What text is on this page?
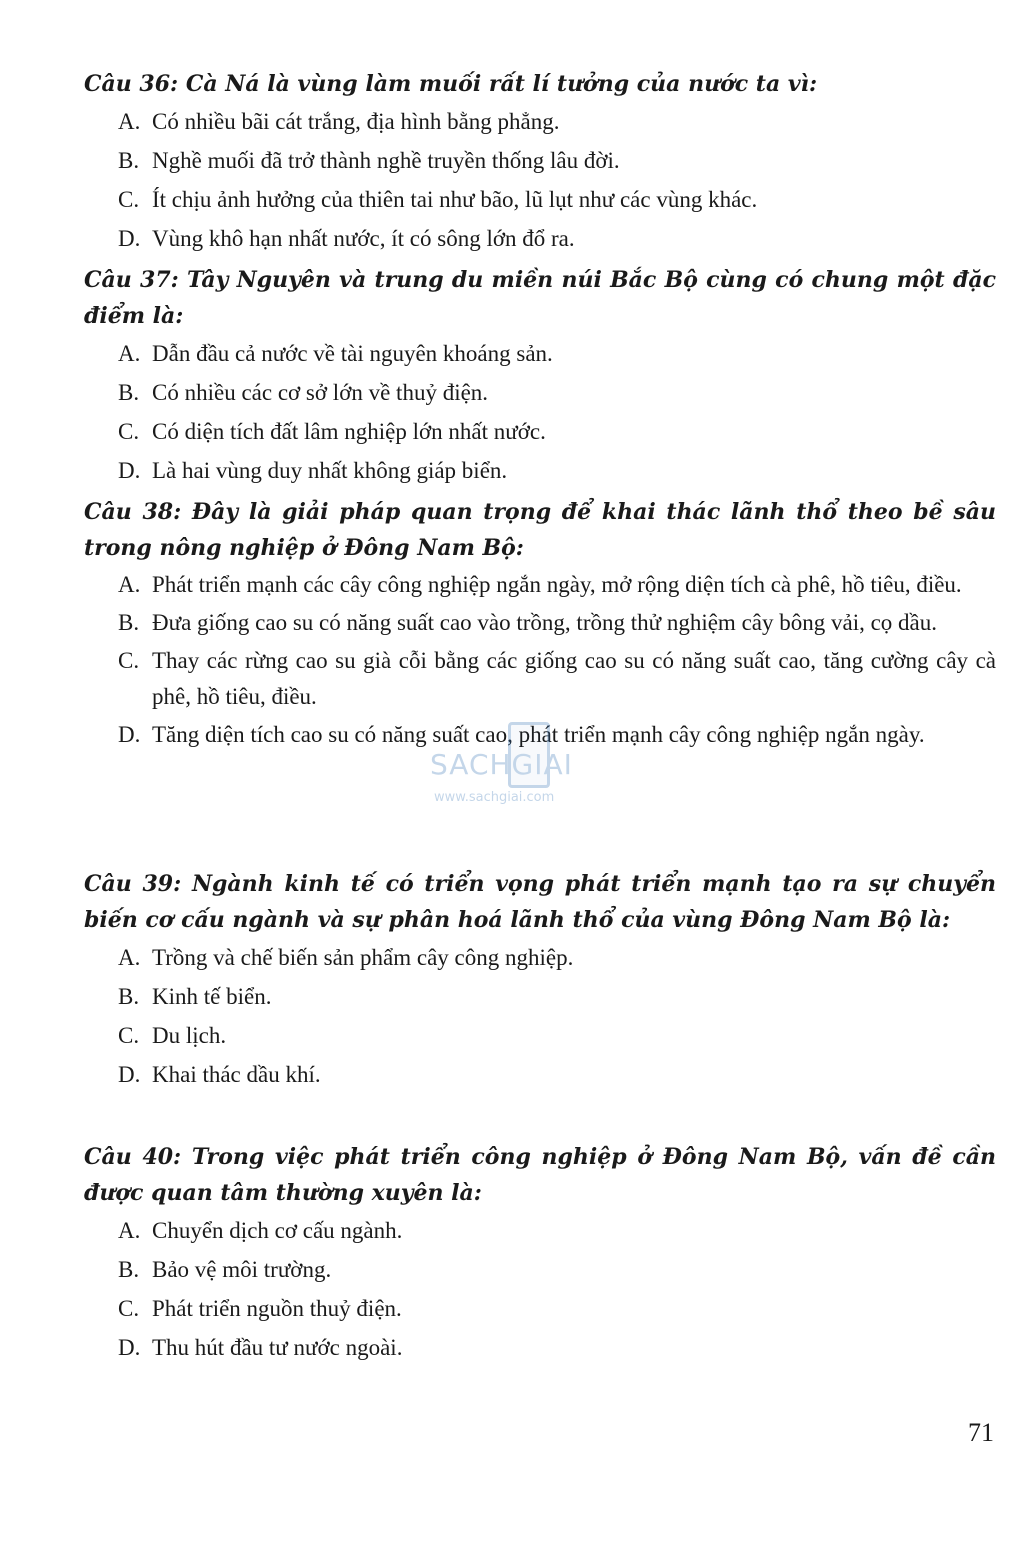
Câu 36: Cà Ná là vùng làm muối rất lí tưởng của nước ta vì:

A. Có nhiều bãi cát trắng, địa hình bằng phẳng.

B. Nghề muối đã trở thành nghề truyền thống lâu đời.

C. Ít chịu ảnh hưởng của thiên tai như bão, lũ lụt như các vùng khác.

D. Vùng khô hạn nhất nước, ít có sông lớn đổ ra.

Câu 37: Tây Nguyên và trung du miền núi Bắc Bộ cùng có chung một đặc điểm là:

A. Dẫn đầu cả nước về tài nguyên khoáng sản.

B. Có nhiều các cơ sở lớn về thuỷ điện.

C. Có diện tích đất lâm nghiệp lớn nhất nước.

D. Là hai vùng duy nhất không giáp biển.

Câu 38: Đây là giải pháp quan trọng để khai thác lãnh thổ theo bề sâu trong nông nghiệp ở Đông Nam Bộ:

A. Phát triển mạnh các cây công nghiệp ngắn ngày, mở rộng diện tích cà phê, hồ tiêu, điều.

B. Đưa giống cao su có năng suất cao vào trồng, trồng thử nghiệm cây bông vải, cọ dầu.

C. Thay các rừng cao su già cỗi bằng các giống cao su có năng suất cao, tăng cường cây cà phê, hồ tiêu, điều.

D. Tăng diện tích cao su có năng suất cao, phát triển mạnh cây công nghiệp ngắn ngày.

Câu 39: Ngành kinh tế có triển vọng phát triển mạnh tạo ra sự chuyển biến cơ cấu ngành và sự phân hoá lãnh thổ của vùng Đông Nam Bộ là:

A. Trồng và chế biến sản phẩm cây công nghiệp.

B. Kinh tế biển.

C. Du lịch.

D. Khai thác dầu khí.

Câu 40: Trong việc phát triển công nghiệp ở Đông Nam Bộ, vấn đề cần được quan tâm thường xuyên là:

A. Chuyển dịch cơ cấu ngành.

B. Bảo vệ môi trường.

C. Phát triển nguồn thuỷ điện.

D. Thu hút đầu tư nước ngoài.

SACHGIAI
www.sachgiai.com
71
